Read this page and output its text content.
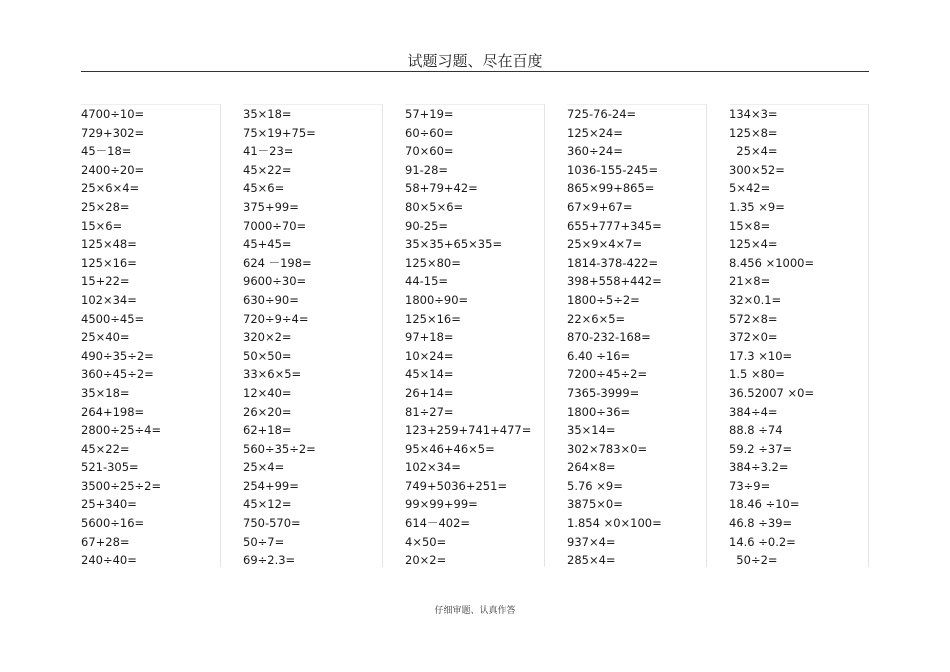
试题习题、尽在百度
4700÷10=
729+302=
45－18=
2400÷20=
25×6×4=
25×28=
15×6=
125×48=
125×16=
15+22=
102×34=
4500÷45=
25×40=
490÷35÷2=
360÷45÷2=
35×18=
264+198=
2800÷25÷4=
45×22=
521-305=
3500÷25÷2=
25+340=
5600÷16=
67+28=
240÷40=
35×18=
75×19+75=
41－23=
45×22=
45×6=
375+99=
7000÷70=
45+45=
624 －198=
9600÷30=
630÷90=
720÷9÷4=
320×2=
50×50=
33×6×5=
12×40=
26×20=
62+18=
560÷35÷2=
25×4=
254+99=
45×12=
750-570=
50÷7=
69÷2.3=
57+19=
60÷60=
70×60=
91-28=
58+79+42=
80×5×6=
90-25=
35×35+65×35=
125×80=
44-15=
1800÷90=
125×16=
97+18=
10×24=
45×14=
26+14=
81÷27=
123+259+741+477=
95×46+46×5=
102×34=
749+5036+251=
99×99+99=
614－402=
4×50=
20×2=
725-76-24=
125×24=
360÷24=
1036-155-245=
865×99+865=
67×9+67=
655+777+345=
25×9×4×7=
1814-378-422=
398+558+442=
1800÷5÷2=
22×6×5=
870-232-168=
6.40 ÷16=
7200÷45÷2=
7365-3999=
1800÷36=
35×14=
302×783×0=
264×8=
5.76 ×9=
3875×0=
1.854 ×0×100=
937×4=
285×4=
134×3=
125×8=
25×4=
300×52=
5×42=
1.35 ×9=
15×8=
125×4=
8.456 ×1000=
21×8=
32×0.1=
572×8=
372×0=
17.3 ×10=
1.5 ×80=
36.52007 ×0=
384÷4=
88.8 ÷74
59.2 ÷37=
384÷3.2=
73÷9=
18.46 ÷10=
46.8 ÷39=
14.6 ÷0.2=
50÷2=
仔细审题、认真作答
